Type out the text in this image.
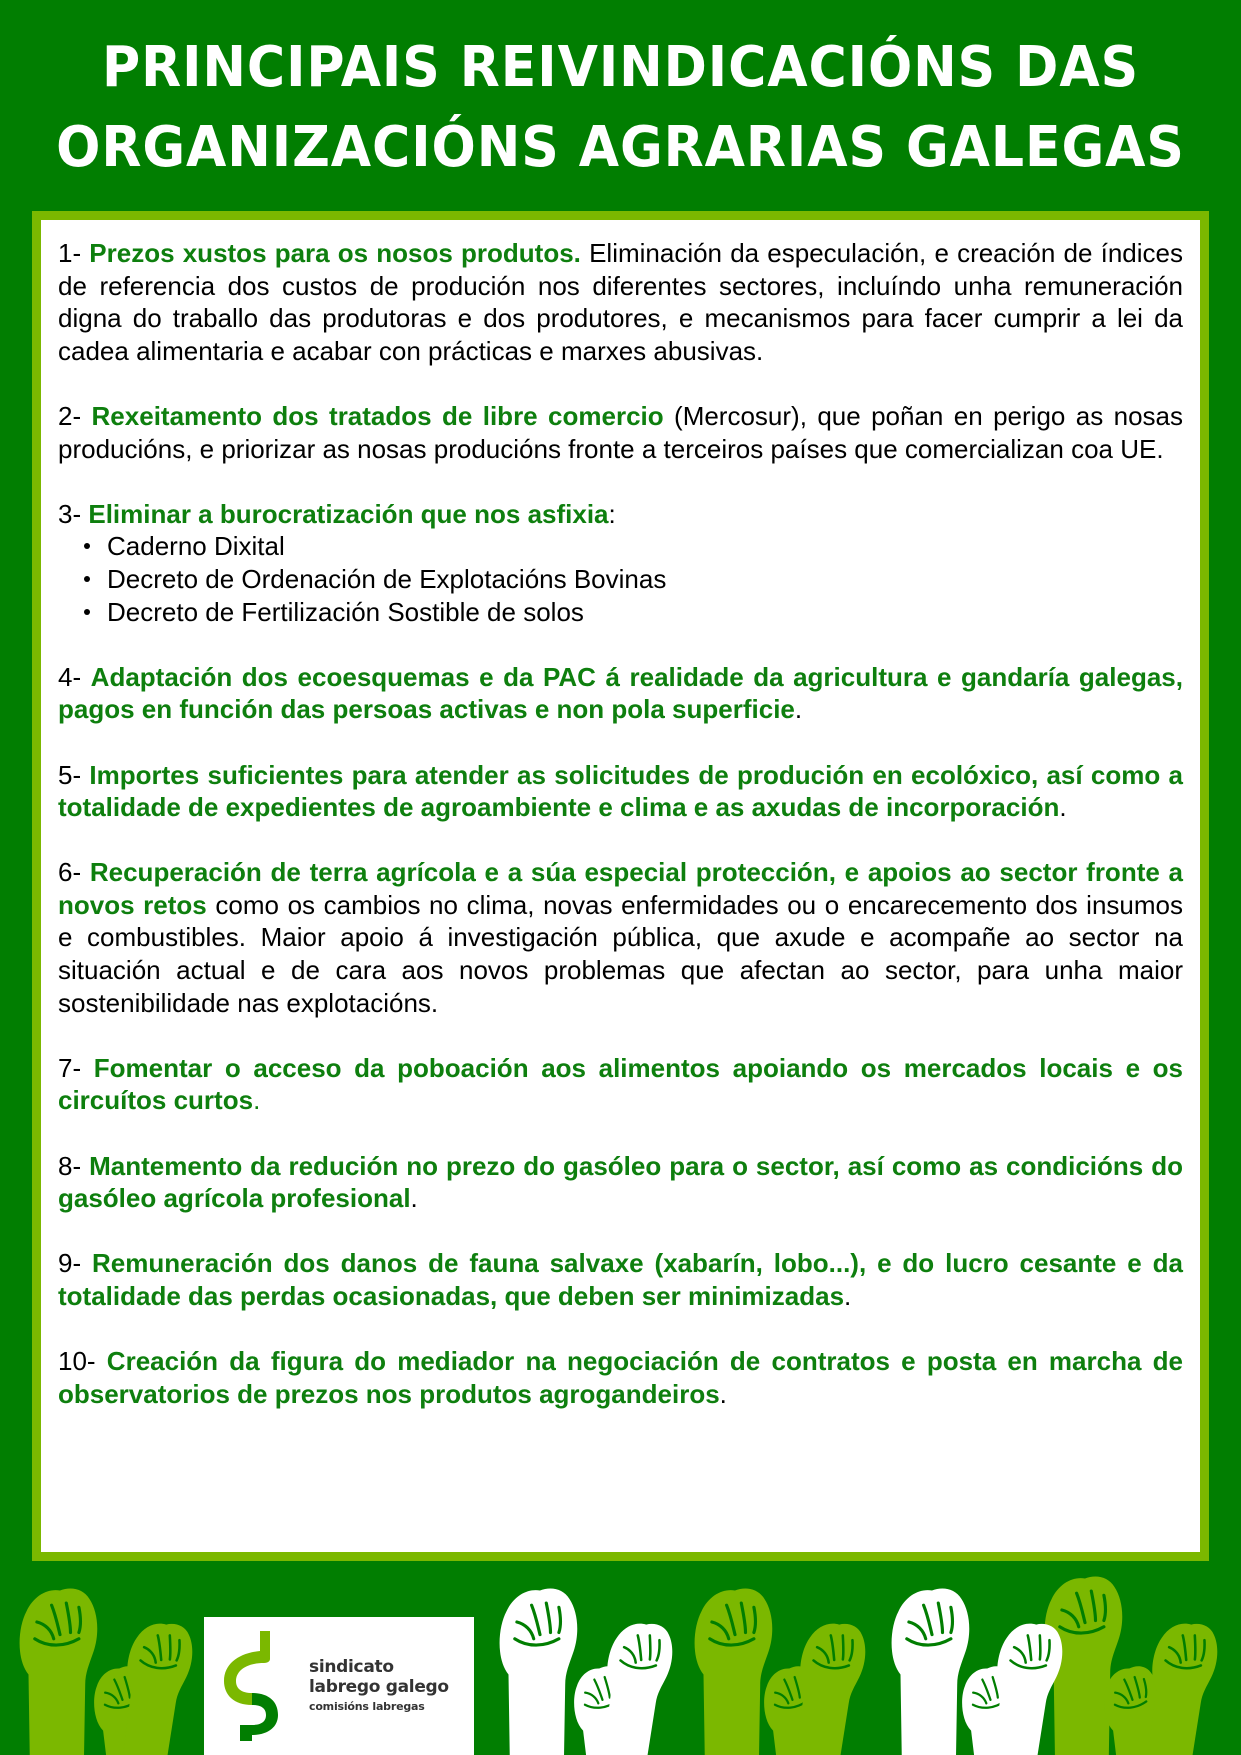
PRINCIPAIS REIVINDICACIÓNS DAS
ORGANIZACIÓNS AGRARIAS GALEGAS

1- Prezos xustos para os nosos produtos. Eliminación da especulación, e creación de índices de referencia dos custos de produción nos diferentes sectores, incluíndo unha remuneración digna do traballo das produtoras e dos produtores, e mecanismos para facer cumprir a lei da cadea alimentaria e acabar con prácticas e marxes abusivas.

2- Rexeitamento dos tratados de libre comercio (Mercosur), que poñan en perigo as nosas producións, e priorizar as nosas producións fronte a terceiros países que comercializan coa UE.

3- Eliminar a burocratización que nos asfixia:

Caderno Dixital
Decreto de Ordenación de Explotacións Bovinas
Decreto de Fertilización Sostible de solos

4- Adaptación dos ecoesquemas e da PAC á realidade da agricultura e gandaría galegas, pagos en función das persoas activas e non pola superficie.

5- Importes suficientes para atender as solicitudes de produción en ecolóxico, así como a totalidade de expedientes de agroambiente e clima e as axudas de incorporación.

6- Recuperación de terra agrícola e a súa especial protección, e apoios ao sector fronte a novos retos como os cambios no clima, novas enfermidades ou o encarecemento dos insumos e combustibles. Maior apoio á investigación pública, que axude e acompañe ao sector na situación actual e de cara aos novos problemas que afectan ao sector, para unha maior sostenibilidade nas explotacións.

7- Fomentar o acceso da poboación aos alimentos apoiando os mercados locais e os circuítos curtos.

8- Mantemento da redución no prezo do gasóleo para o sector, así como as condicións do gasóleo agrícola profesional.

9- Remuneración dos danos de fauna salvaxe (xabarín, lobo...), e do lucro cesante e da totalidade das perdas ocasionadas, que deben ser minimizadas.

10- Creación da figura do mediador na negociación de contratos e posta en marcha de observatorios de prezos nos produtos agrogandeiros.

sindicato
labrego galego
comisións labregas
